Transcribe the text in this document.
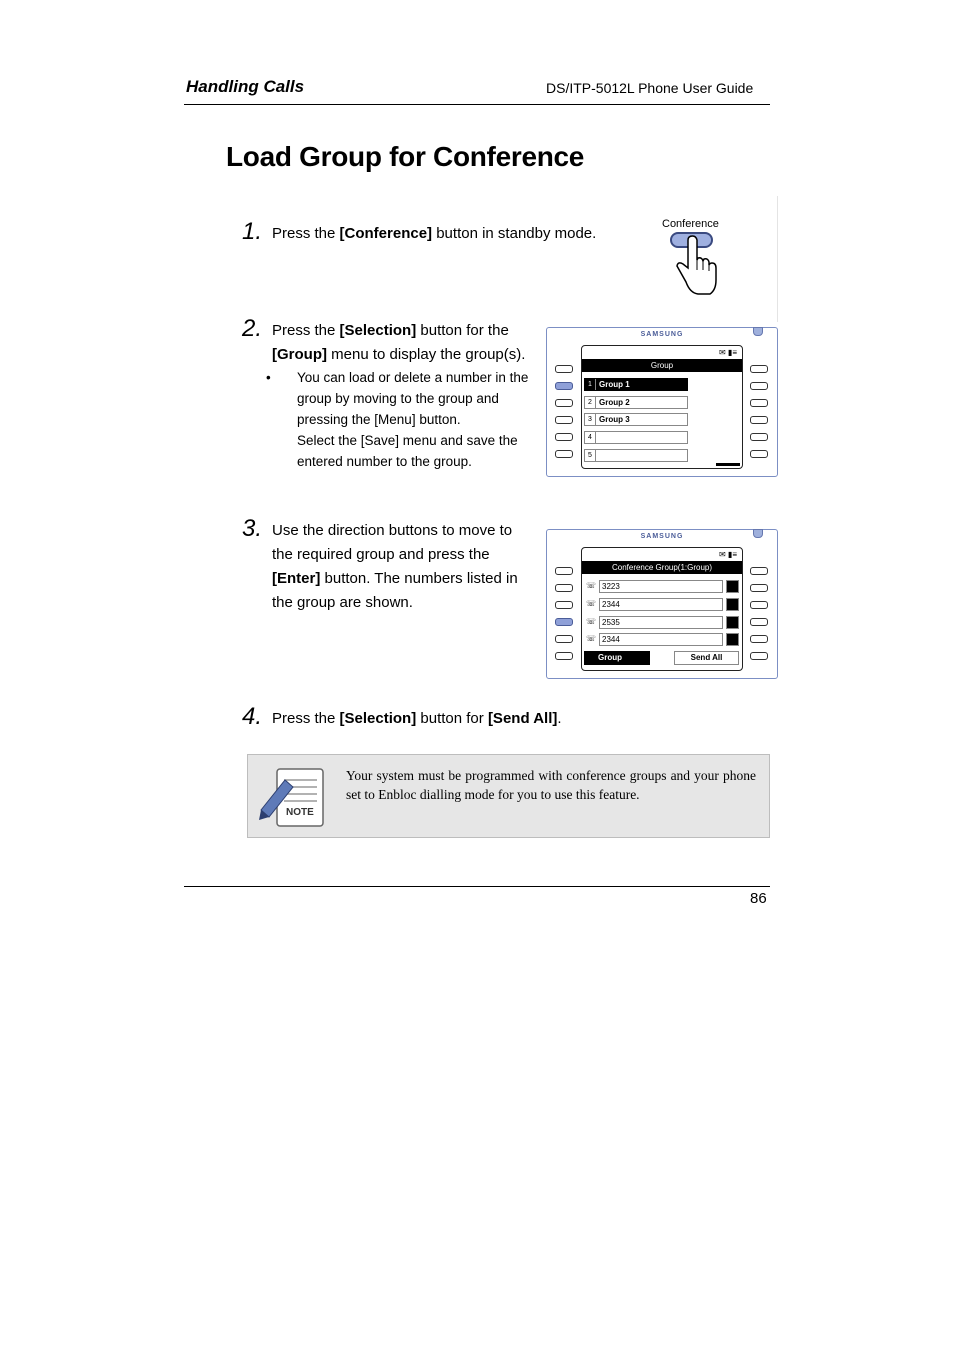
Handling Calls	DS/ITP-5012L Phone User Guide
Load Group for Conference
1. Press the [Conference] button in standby mode.
Conference
2. Press the [Selection] button for the
[Group] menu to display the group(s).
• You can load or delete a number in the
group by moving to the group and
pressing the [Menu] button.
Select the [Save] menu and save the
entered number to the group.
SAMSUNG
✉ ▮≡
Group
1 Group 1
2 Group 2
3 Group 3
4
5
3. Use the direction buttons to move to
the required group and press the
[Enter] button. The numbers listed in
the group are shown.
SAMSUNG
✉ ▮≡
Conference Group(1:Group)
☏ 3223
☏ 2344
☏ 2535
☏ 2344
Group	Send All
4. Press the [Selection] button for [Send All].
NOTE
Your system must be programmed with conference groups and your phone set to Enbloc dialling mode for you to use this feature.
86
